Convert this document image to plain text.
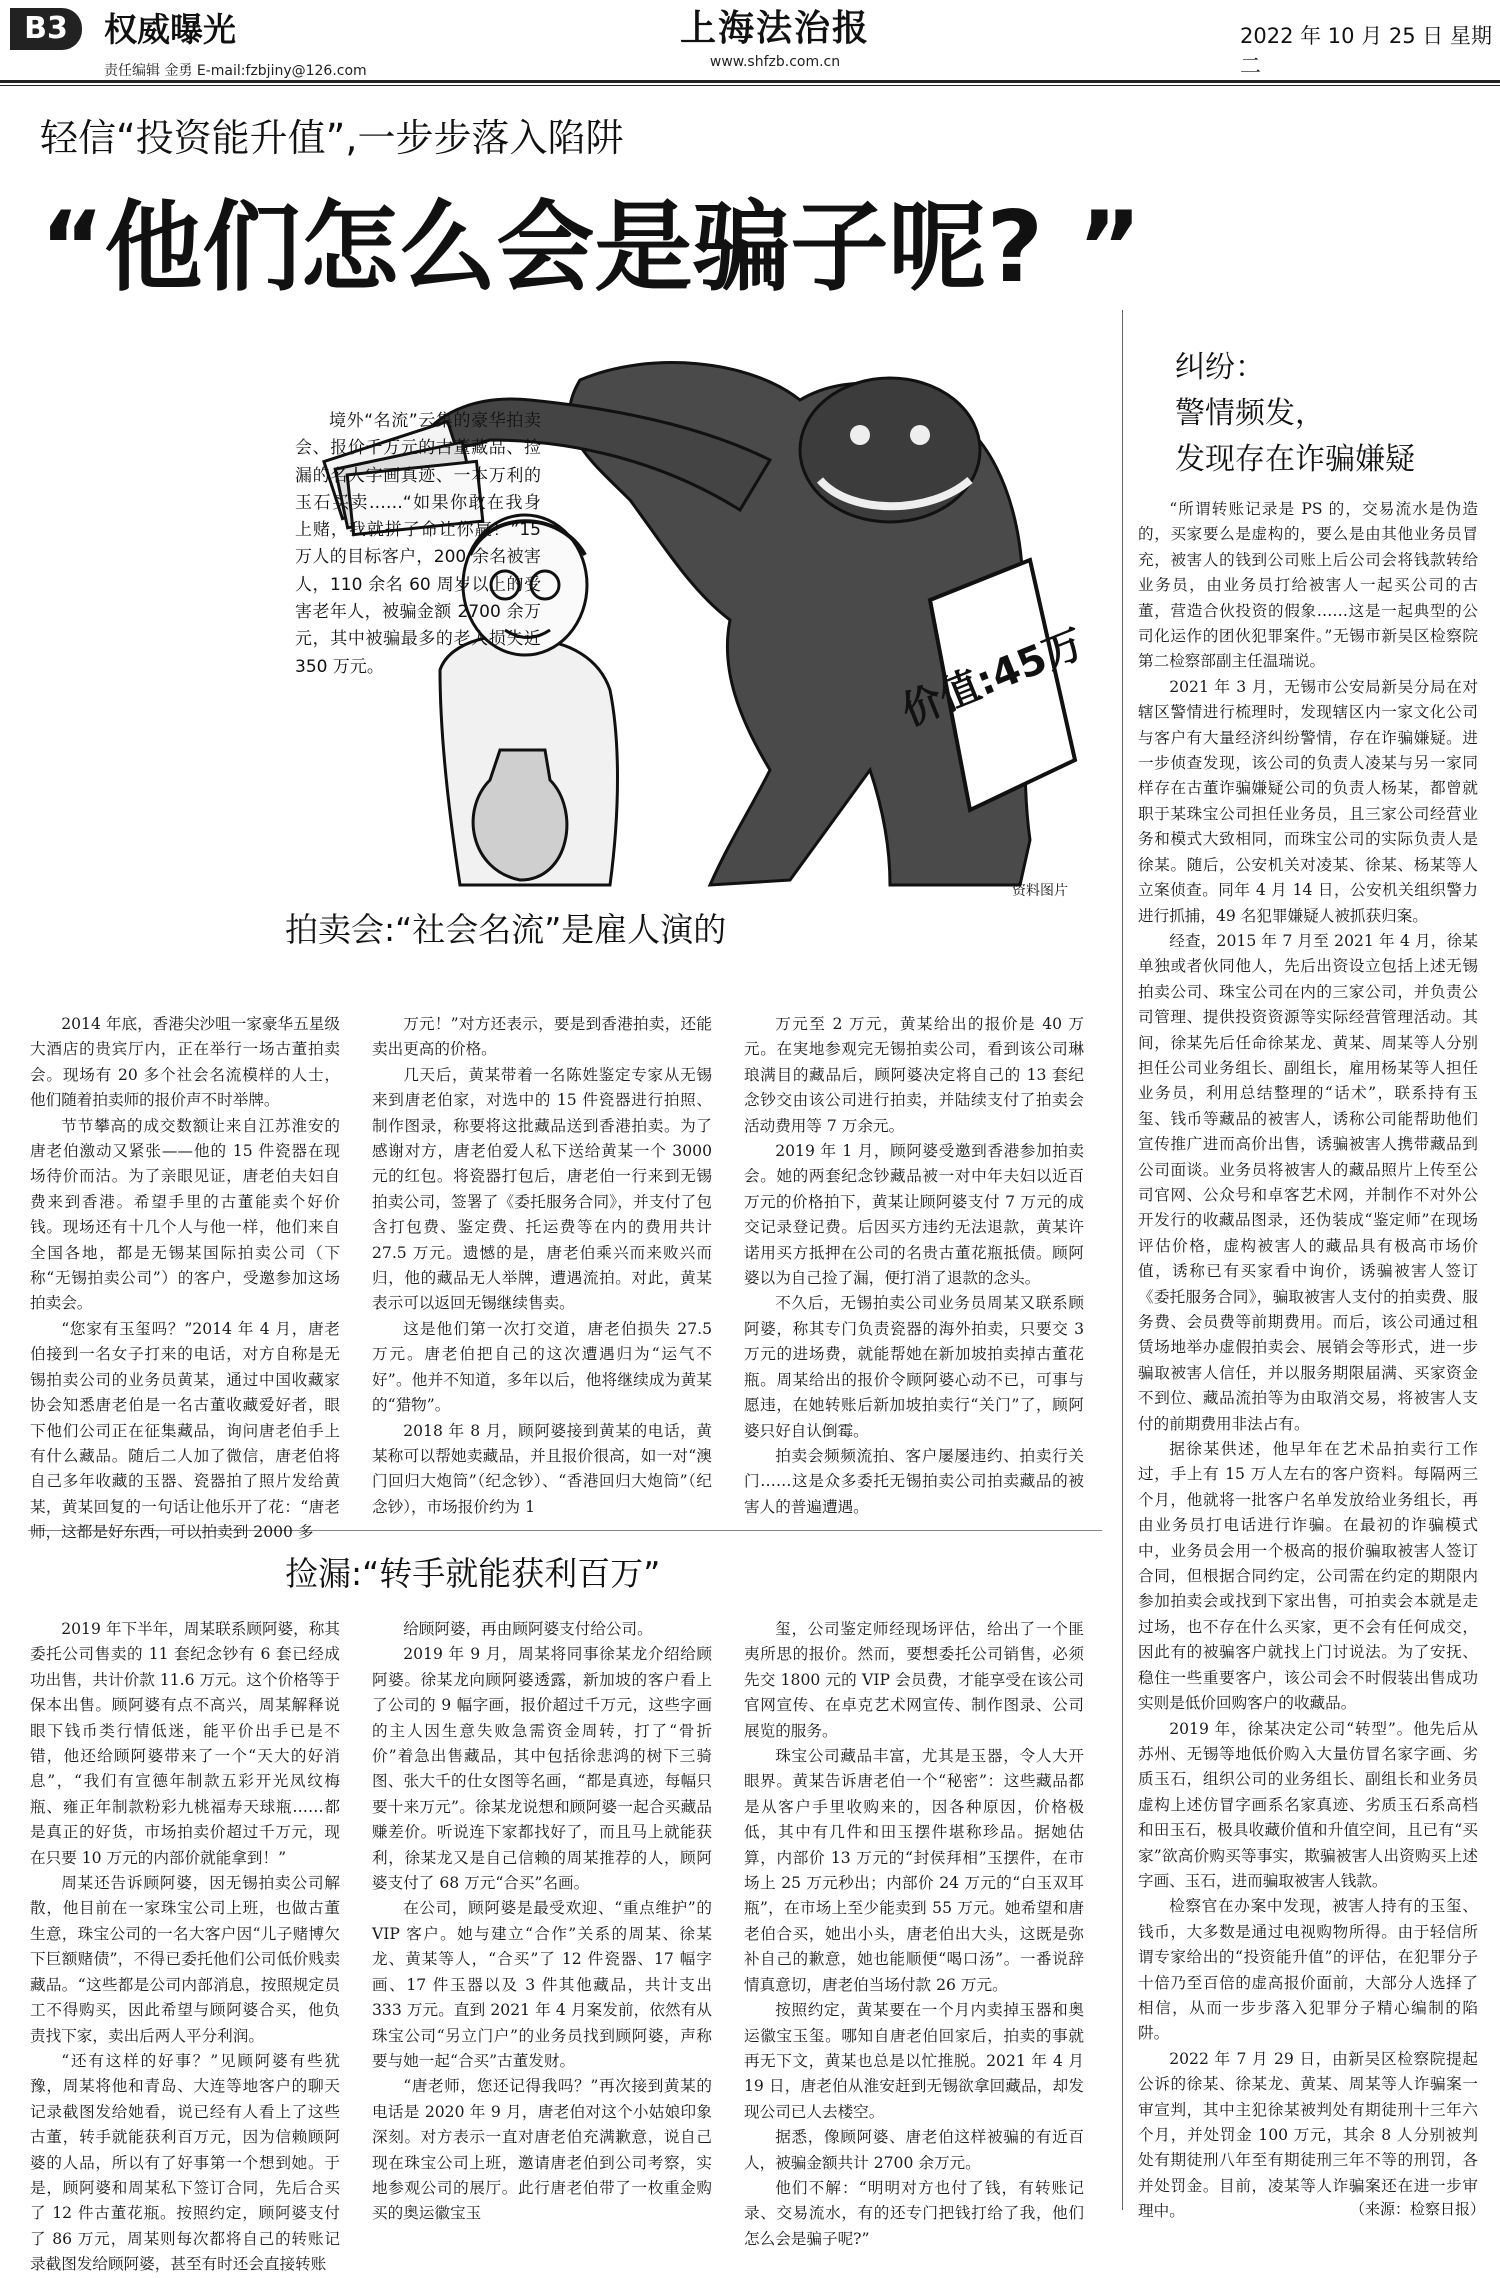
B3	权威曝光
责任编辑 金勇 E-mail:fzbjiny@126.com
上海法治报
www.shfzb.com.cn
2022 年 10 月 25 日 星期二
轻信“投资能升值”,一步步落入陷阱
“他们怎么会是骗子呢? ”
价值:45万

境外“名流”云集的豪华拍卖会、报价千万元的古董藏品、捡漏的名人字画真迹、一本万利的玉石买卖……“如果你敢在我身上赌，我就拼了命让你赢！”15万人的目标客户，200 余名被害人，110 余名 60 周岁以上的受害老年人，被骗金额 2700 余万元，其中被骗最多的老人损失近 350 万元。

资料图片
纠纷：
警情频发，
发现存在诈骗嫌疑
拍卖会:“社会名流”是雇人演的
捡漏:“转手就能获利百万”

2014 年底，香港尖沙咀一家豪华五星级大酒店的贵宾厅内，正在举行一场古董拍卖会。现场有 20 多个社会名流模样的人士，他们随着拍卖师的报价声不时举牌。

节节攀高的成交数额让来自江苏淮安的唐老伯激动又紧张——他的 15 件瓷器在现场待价而沽。为了亲眼见证，唐老伯夫妇自费来到香港。希望手里的古董能卖个好价钱。现场还有十几个人与他一样，他们来自全国各地，都是无锡某国际拍卖公司（下称“无锡拍卖公司”）的客户，受邀参加这场拍卖会。

“您家有玉玺吗？”2014 年 4 月，唐老伯接到一名女子打来的电话，对方自称是无锡拍卖公司的业务员黄某，通过中国收藏家协会知悉唐老伯是一名古董收藏爱好者，眼下他们公司正在征集藏品，询问唐老伯手上有什么藏品。随后二人加了微信，唐老伯将自己多年收藏的玉器、瓷器拍了照片发给黄某，黄某回复的一句话让他乐开了花：“唐老师，这都是好东西，可以拍卖到 2000 多

万元！”对方还表示，要是到香港拍卖，还能卖出更高的价格。

几天后，黄某带着一名陈姓鉴定专家从无锡来到唐老伯家，对选中的 15 件瓷器进行拍照、制作图录，称要将这批藏品送到香港拍卖。为了感谢对方，唐老伯爱人私下送给黄某一个 3000 元的红包。将瓷器打包后，唐老伯一行来到无锡拍卖公司，签署了《委托服务合同》，并支付了包含打包费、鉴定费、托运费等在内的费用共计 27.5 万元。遗憾的是，唐老伯乘兴而来败兴而归，他的藏品无人举牌，遭遇流拍。对此，黄某表示可以返回无锡继续售卖。

这是他们第一次打交道，唐老伯损失 27.5 万元。唐老伯把自己的这次遭遇归为“运气不好”。他并不知道，多年以后，他将继续成为黄某的“猎物”。

2018 年 8 月，顾阿婆接到黄某的电话，黄某称可以帮她卖藏品，并且报价很高，如一对“澳门回归大炮筒”（纪念钞）、“香港回归大炮筒”（纪念钞），市场报价约为 1

万元至 2 万元，黄某给出的报价是 40 万元。在実地参观完无锡拍卖公司，看到该公司琳琅满目的藏品后，顾阿婆决定将自己的 13 套纪念钞交由该公司进行拍卖，并陆续支付了拍卖会活动费用等 7 万余元。

2019 年 1 月，顾阿婆受邀到香港参加拍卖会。她的两套纪念钞藏品被一对中年夫妇以近百万元的价格拍下，黄某让顾阿婆支付 7 万元的成交记录登记费。后因买方违约无法退款，黄某许诺用买方抵押在公司的名贵古董花瓶抵债。顾阿婆以为自己捡了漏，便打消了退款的念头。

不久后，无锡拍卖公司业务员周某又联系顾阿婆，称其专门负责瓷器的海外拍卖，只要交 3 万元的进场费，就能帮她在新加坡拍卖掉古董花瓶。周某给出的报价令顾阿婆心动不已，可事与愿违，在她转账后新加坡拍卖行“关门”了，顾阿婆只好自认倒霉。

拍卖会频频流拍、客户屡屡违约、拍卖行关门……这是众多委托无锡拍卖公司拍卖藏品的被害人的普遍遭遇。

2019 年下半年，周某联系顾阿婆，称其委托公司售卖的 11 套纪念钞有 6 套已经成功出售，共计价款 11.6 万元。这个价格等于保本出售。顾阿婆有点不高兴，周某解释说眼下钱币类行情低迷，能平价出手已是不错，他还给顾阿婆带来了一个“天大的好消息”，“我们有宣德年制款五彩开光凤纹梅瓶、雍正年制款粉彩九桃福寿天球瓶……都是真正的好货，市场拍卖价超过千万元，现在只要 10 万元的内部价就能拿到！”

周某还告诉顾阿婆，因无锡拍卖公司解散，他目前在一家珠宝公司上班，也做古董生意，珠宝公司的一名大客户因“儿子赌博欠下巨额赌债”，不得已委托他们公司低价贱卖藏品。“这些都是公司内部消息，按照规定员工不得购买，因此希望与顾阿婆合买，他负责找下家，卖出后两人平分利润。

“还有这样的好事？”见顾阿婆有些犹豫，周某将他和青岛、大连等地客户的聊天记录截图发给她看，说已经有人看上了这些古董，转手就能获利百万元，因为信赖顾阿婆的人品，所以有了好事第一个想到她。于是，顾阿婆和周某私下签订合同，先后合买了 12 件古董花瓶。按照约定，顾阿婆支付了 86 万元，周某则每次都将自己的转账记录截图发给顾阿婆，甚至有时还会直接转账

给顾阿婆，再由顾阿婆支付给公司。

2019 年 9 月，周某将同事徐某龙介绍给顾阿婆。徐某龙向顾阿婆透露，新加坡的客户看上了公司的 9 幅字画，报价超过千万元，这些字画的主人因生意失败急需资金周转，打了“骨折价”着急出售藏品，其中包括徐悲鸿的树下三骑图、张大千的仕女图等名画，“都是真迹，每幅只要十来万元”。徐某龙说想和顾阿婆一起合买藏品赚差价。听说连下家都找好了，而且马上就能获利，徐某龙又是自己信赖的周某推荐的人，顾阿婆支付了 68 万元“合买”名画。

在公司，顾阿婆是最受欢迎、“重点维护”的 VIP 客户。她与建立“合作”关系的周某、徐某龙、黄某等人，“合买”了 12 件瓷器、17 幅字画、17 件玉器以及 3 件其他藏品，共计支出 333 万元。直到 2021 年 4 月案发前，依然有从珠宝公司“另立门户”的业务员找到顾阿婆，声称要与她一起“合买”古董发财。

“唐老师，您还记得我吗？”再次接到黄某的电话是 2020 年 9 月，唐老伯对这个小姑娘印象深刻。对方表示一直对唐老伯充满歉意，说自己现在珠宝公司上班，邀请唐老伯到公司考察，实地参观公司的展厅。此行唐老伯带了一枚重金购买的奥运徽宝玉

玺，公司鉴定师经现场评估，给出了一个匪夷所思的报价。然而，要想委托公司销售，必须先交 1800 元的 VIP 会员费，才能享受在该公司官网宣传、在卓克艺术网宣传、制作图录、公司展览的服务。

珠宝公司藏品丰富，尤其是玉器，令人大开眼界。黄某告诉唐老伯一个“秘密”：这些藏品都是从客户手里收购来的，因各种原因，价格极低，其中有几件和田玉摆件堪称珍品。据她估算，内部价 13 万元的“封侯拜相”玉摆件，在市场上 25 万元秒出；内部价 24 万元的“白玉双耳瓶”，在市场上至少能卖到 55 万元。她希望和唐老伯合买，她出小头，唐老伯出大头，这既是弥补自己的歉意，她也能顺便“喝口汤”。一番说辞情真意切，唐老伯当场付款 26 万元。

按照约定，黄某要在一个月内卖掉玉器和奥运徽宝玉玺。哪知自唐老伯回家后，拍卖的事就再无下文，黄某也总是以忙推脱。2021 年 4 月 19 日，唐老伯从淮安赶到无锡欲拿回藏品，却发现公司已人去楼空。

据悉，像顾阿婆、唐老伯这样被骗的有近百人，被骗金额共计 2700 余万元。

他们不解：“明明对方也付了钱，有转账记录、交易流水，有的还专门把钱打给了我，他们怎么会是骗子呢?”

“所谓转账记录是 PS 的，交易流水是伪造的，买家要么是虚构的，要么是由其他业务员冒充，被害人的钱到公司账上后公司会将钱款转给业务员，由业务员打给被害人一起买公司的古董，营造合伙投资的假象……这是一起典型的公司化运作的团伙犯罪案件。”无锡市新吴区检察院第二检察部副主任温瑞说。

2021 年 3 月，无锡市公安局新吴分局在对辖区警情进行梳理时，发现辖区内一家文化公司与客户有大量经济纠纷警情，存在诈骗嫌疑。进一步侦查发现，该公司的负责人凌某与另一家同样存在古董诈骗嫌疑公司的负责人杨某，都曾就职于某珠宝公司担任业务员，且三家公司经营业务和模式大致相同，而珠宝公司的实际负责人是徐某。随后，公安机关对凌某、徐某、杨某等人立案侦查。同年 4 月 14 日，公安机关组织警力进行抓捕，49 名犯罪嫌疑人被抓获归案。

经查，2015 年 7 月至 2021 年 4 月，徐某单独或者伙同他人，先后出资设立包括上述无锡拍卖公司、珠宝公司在内的三家公司，并负责公司管理、提供投资资源等实际经营管理活动。其间，徐某先后任命徐某龙、黄某、周某等人分别担任公司业务组长、副组长，雇用杨某等人担任业务员，利用总结整理的“话术”，联系持有玉玺、钱币等藏品的被害人，诱称公司能帮助他们宣传推广进而高价出售，诱骗被害人携带藏品到公司面谈。业务员将被害人的藏品照片上传至公司官网、公众号和卓客艺术网，并制作不对外公开发行的收藏品图录，还伪装成“鉴定师”在现场评估价格，虚构被害人的藏品具有极高市场价值，诱称已有买家看中询价，诱骗被害人签订《委托服务合同》，骗取被害人支付的拍卖费、服务费、会员费等前期费用。而后，该公司通过租赁场地举办虚假拍卖会、展销会等形式，进一步骗取被害人信任，并以服务期限届满、买家资金不到位、藏品流拍等为由取消交易，将被害人支付的前期费用非法占有。

据徐某供述，他早年在艺术品拍卖行工作过，手上有 15 万人左右的客户资料。每隔两三个月，他就将一批客户名单发放给业务组长，再由业务员打电话进行诈骗。在最初的诈骗模式中，业务员会用一个极高的报价骗取被害人签订合同，但根据合同约定，公司需在约定的期限内参加拍卖会或找到下家出售，可拍卖会本就是走过场，也不存在什么买家，更不会有任何成交，因此有的被骗客户就找上门讨说法。为了安抚、稳住一些重要客户，该公司会不时假装出售成功实则是低价回购客户的收藏品。

2019 年，徐某决定公司“转型”。他先后从苏州、无锡等地低价购入大量仿冒名家字画、劣质玉石，组织公司的业务组长、副组长和业务员虚构上述仿冒字画系名家真迹、劣质玉石系高档和田玉石，极具收藏价值和升值空间，且已有“买家”欲高价购买等事实，欺骗被害人出资购买上述字画、玉石，进而骗取被害人钱款。

检察官在办案中发现，被害人持有的玉玺、钱币，大多数是通过电视购物所得。由于轻信所谓专家给出的“投资能升值”的评估，在犯罪分子十倍乃至百倍的虚高报价面前，大部分人选择了相信，从而一步步落入犯罪分子精心编制的陷阱。

2022 年 7 月 29 日，由新吴区检察院提起公诉的徐某、徐某龙、黄某、周某等人诈骗案一审宣判，其中主犯徐某被判处有期徒刑十三年六个月，并处罚金 100 万元，其余 8 人分别被判处有期徒刑八年至有期徒刑三年不等的刑罚，各并处罚金。目前，凌某等人诈骗案还在进一步审理中。	（来源：检察日报）
